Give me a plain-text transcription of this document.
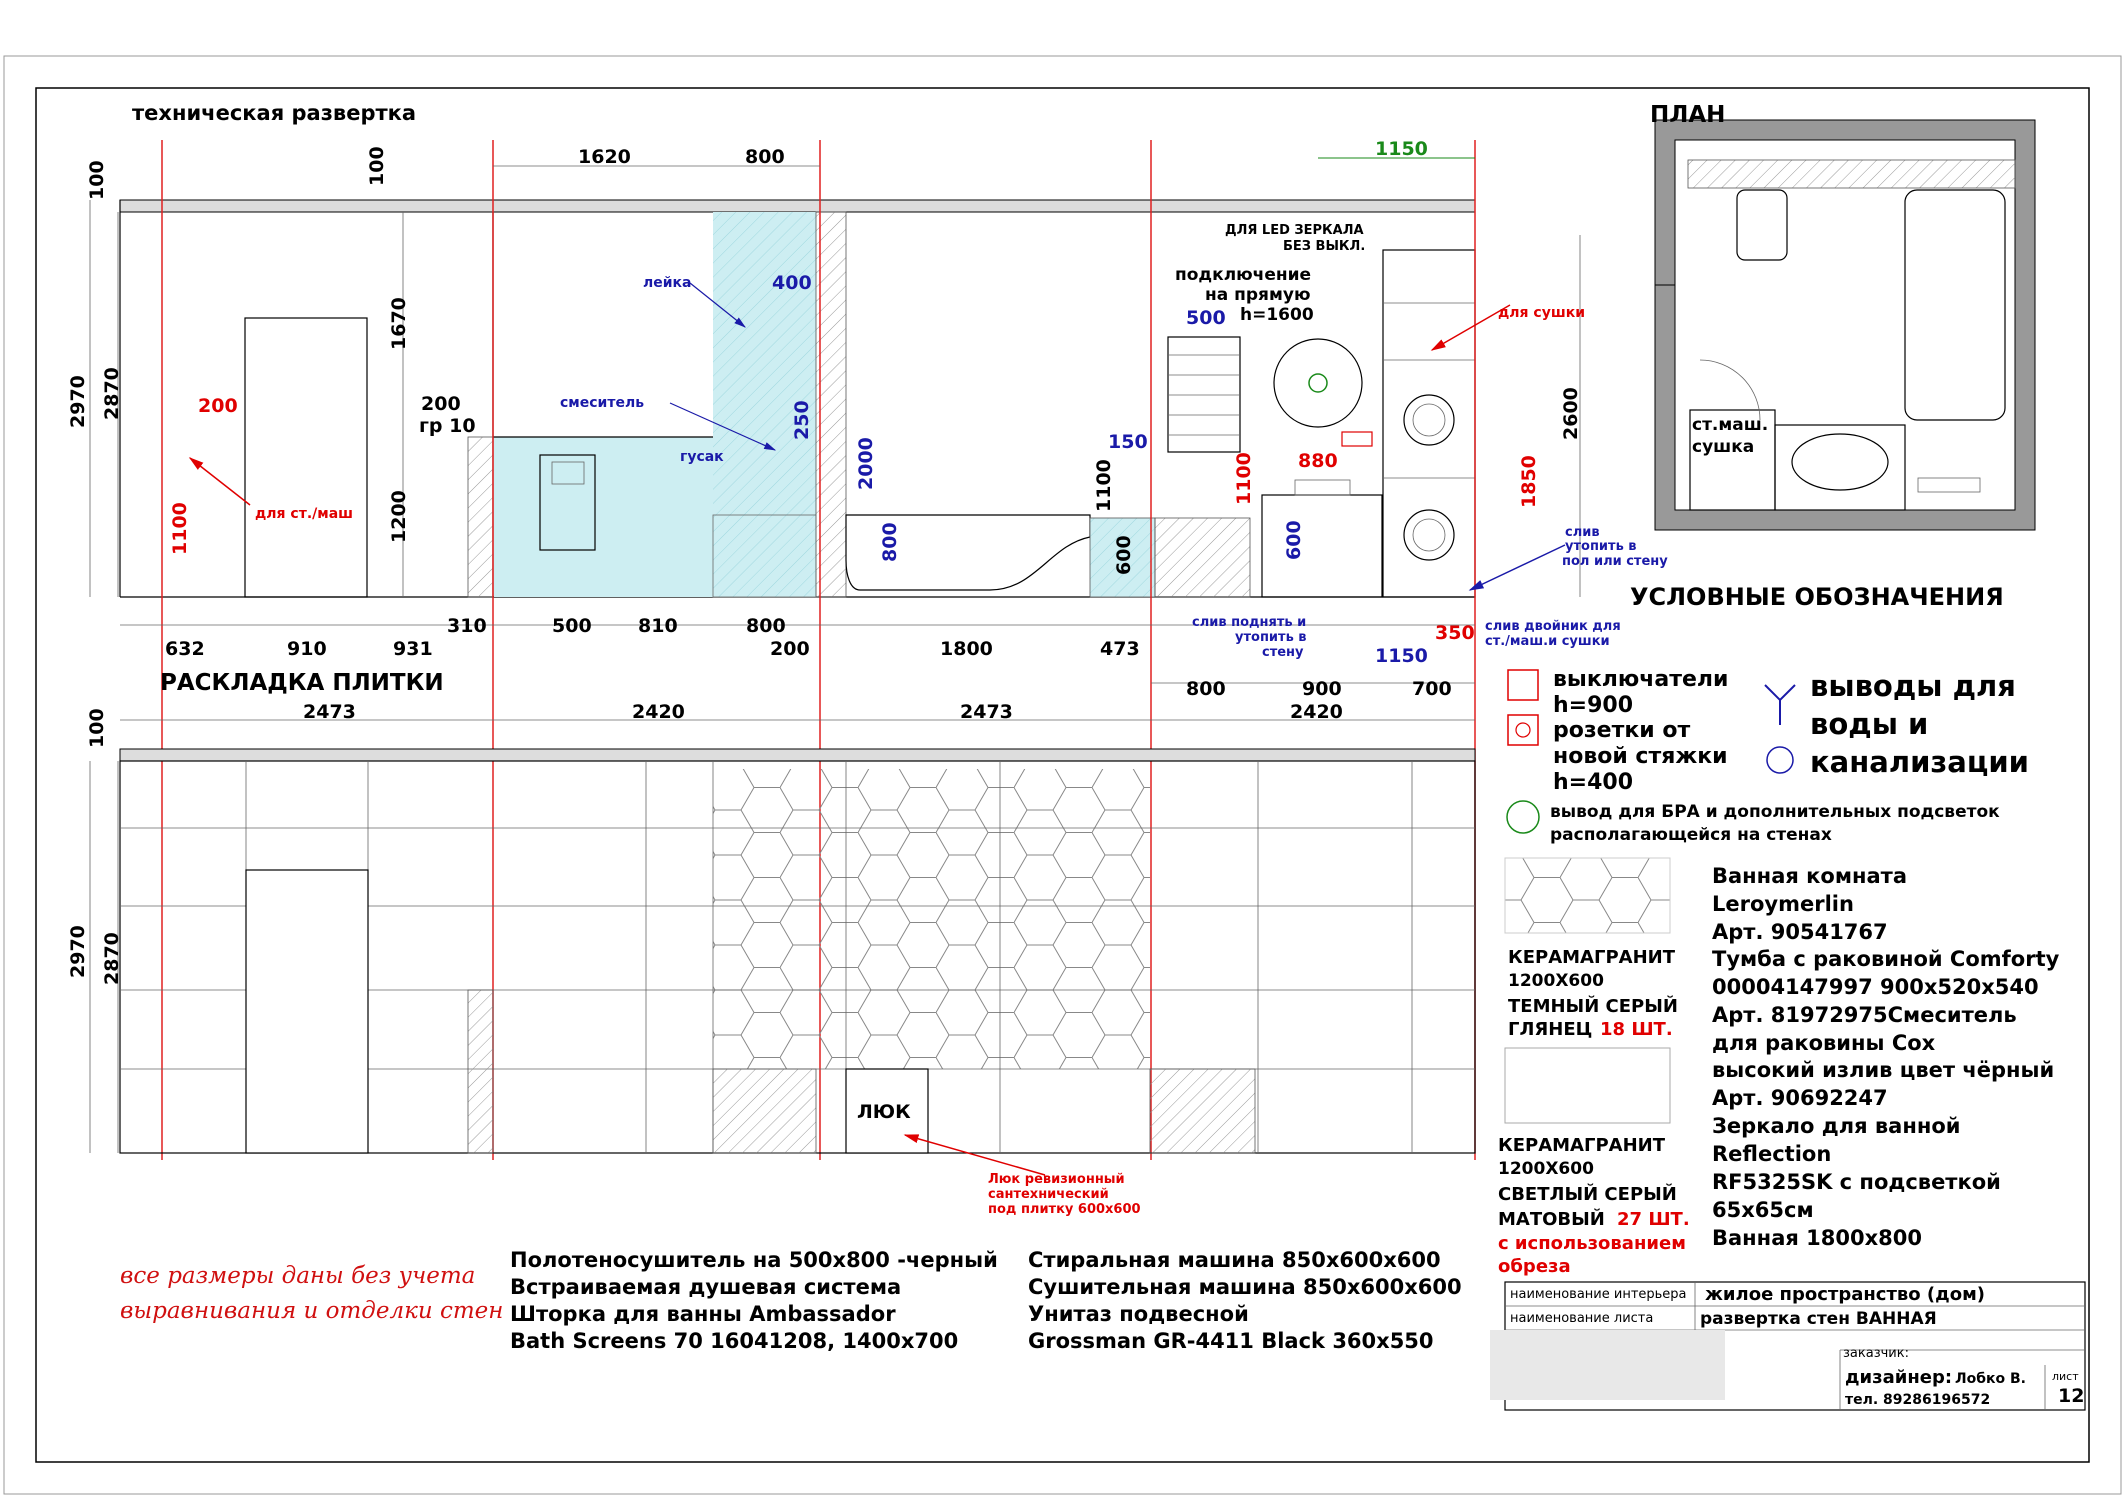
техническая развертка
РАСКЛАДКА ПЛИТКИ
ПЛАН
УСЛОВНЫЕ ОБОЗНАЧЕНИЯ
1620	800	1150
100	100
1670
2970 2870
1200
200
гр 10	2600
200
1100
1100 880	1850
350
400
250
2000
800
500
150
1100
600	600
1150
632	910	931
310	500 810	800
200	1800	473
800	900	700
2473	2420	2473	2420
100
2970 2870
для ст./маш
лейка
смеситель
гусак
ДЛЯ LED ЗЕРКАЛА
БЕЗ ВЫКЛ.
подключение
на прямую
h=1600	для сушки
слив
утопить в
пол или стену
слив поднять и
утопить в
стену
слив двойник для
ст./маш.и сушки
ст.маш.
сушка
ЛЮК
Люк ревизионный
сантехнический
под плитку 600х600
выключатели
h=900
розетки от
новой стяжки
h=400
выводы для
воды и
канализации
вывод для БРА и дополнительных подсветок
располагающейся на стенах
КЕРАМАГРАНИТ
1200Х600
ТЕМНЫЙ СЕРЫЙ
ГЛЯНЕЦ 18 ШТ.
КЕРАМАГРАНИТ
1200Х600
СВЕТЛЫЙ СЕРЫЙ
МАТОВЫЙ 27 ШТ.
с использованием
обреза
Ванная комната
Leroymerlin
Арт. 90541767
Тумба с раковиной Comforty
00004147997 900х520х540
Арт. 81972975Смеситель
для раковины Cox
высокий излив цвет чёрный
Арт. 90692247
Зеркало для ванной
Reflection
RF5325SK с подсветкой
65х65см
Ванная 1800х800
все размеры даны без учета
выравнивания и отделки стен
Полотеносушитель на 500х800 -черный
Встраиваемая душевая система
Шторка для ванны Ambassador
Bath Screens 70 16041208, 1400х700
Стиральная машина 850х600х600
Сушительная машина 850х600х600
Унитаз подвесной
Grossman GR-4411 Black 360х550
наименование интерьера жилое пространство (дом)
наименование листа	развертка стен ВАННАЯ
заказчик:
дизайнер: Лобко В.
тел. 89286196572
лист
12
